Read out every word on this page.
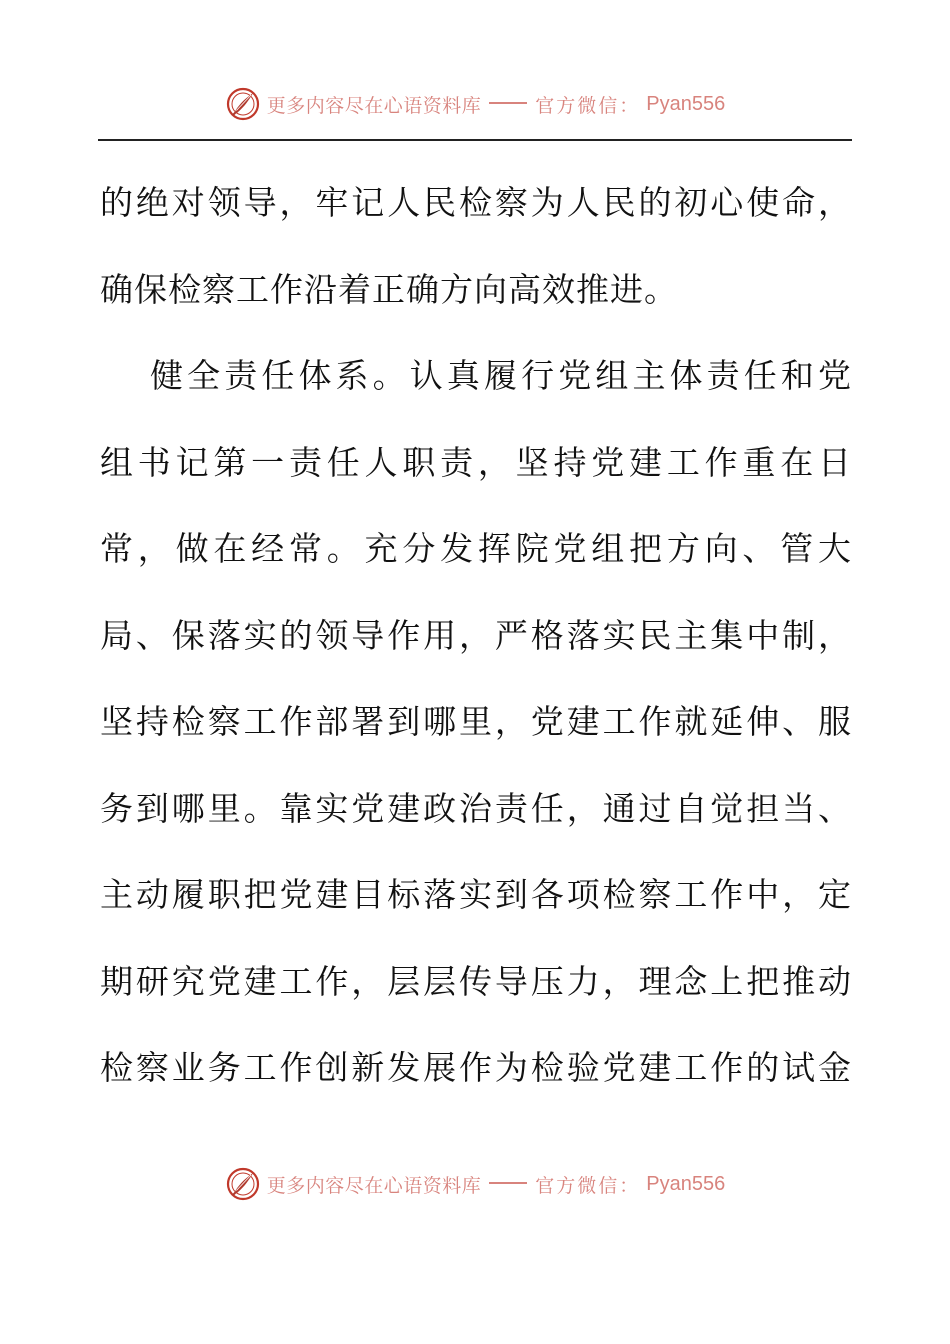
更多内容尽在心语资料库	官方微信： Pyan556
的绝对领导，牢记人民检察为人民的初心使命，
确保检察工作沿着正确方向高效推进。
健全责任体系。认真履行党组主体责任和党
组书记第一责任人职责，坚持党建工作重在日
常，做在经常。充分发挥院党组把方向、管大
局、保落实的领导作用，严格落实民主集中制，
坚持检察工作部署到哪里，党建工作就延伸、服
务到哪里。靠实党建政治责任，通过自觉担当、
主动履职把党建目标落实到各项检察工作中，定
期研究党建工作，层层传导压力，理念上把推动
检察业务工作创新发展作为检验党建工作的试金
更多内容尽在心语资料库	官方微信： Pyan556
